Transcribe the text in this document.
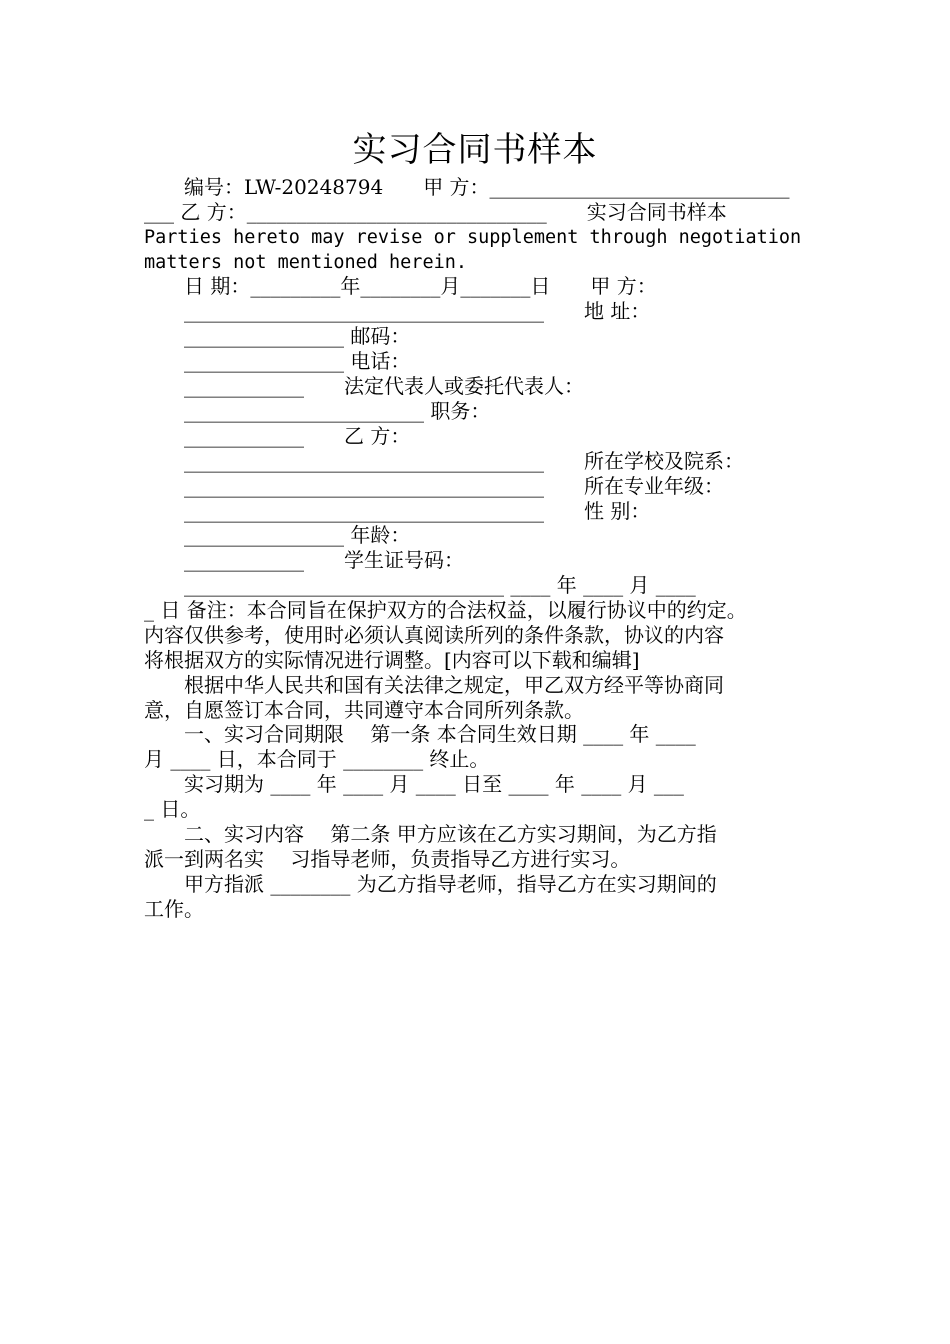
实习合同书样本
　　编号：LW-20248794　　甲 方：______________________________
___ 乙 方：______________________________　　实习合同书样本
Parties hereto may revise or supplement through negotiation
matters not mentioned herein.
　　日 期：_________年________月_______日　　甲 方：
　　____________________________________　　地 址：
　　________________ 邮码：
　　________________ 电话：
　　____________　　法定代表人或委托代表人：
　　________________________ 职务：
　　____________　　乙 方：
　　____________________________________　　所在学校及院系：
　　____________________________________　　所在专业年级：
　　____________________________________　　性 别：
　　________________ 年龄：
　　____________　　学生证号码：
　　________________________________ ____ 年 ____ 月 ____
_ 日 备注：本合同旨在保护双方的合法权益，以履行协议中的约定。
内容仅供参考，使用时必须认真阅读所列的条件条款，协议的内容
将根据双方的实际情况进行调整。[内容可以下载和编辑]
　　根据中华人民共和国有关法律之规定，甲乙双方经平等协商同
意，自愿签订本合同，共同遵守本合同所列条款。
　　一、实习合同期限　 第一条 本合同生效日期 ____ 年 ____
月 ____ 日，本合同于 ________ 终止。
　　实习期为 ____ 年 ____ 月 ____ 日至 ____ 年 ____ 月 ___
_ 日。
　　二、实习内容　 第二条 甲方应该在乙方实习期间，为乙方指
派一到两名实　 习指导老师，负责指导乙方进行实习。
　　甲方指派 ________ 为乙方指导老师，指导乙方在实习期间的
工作。
